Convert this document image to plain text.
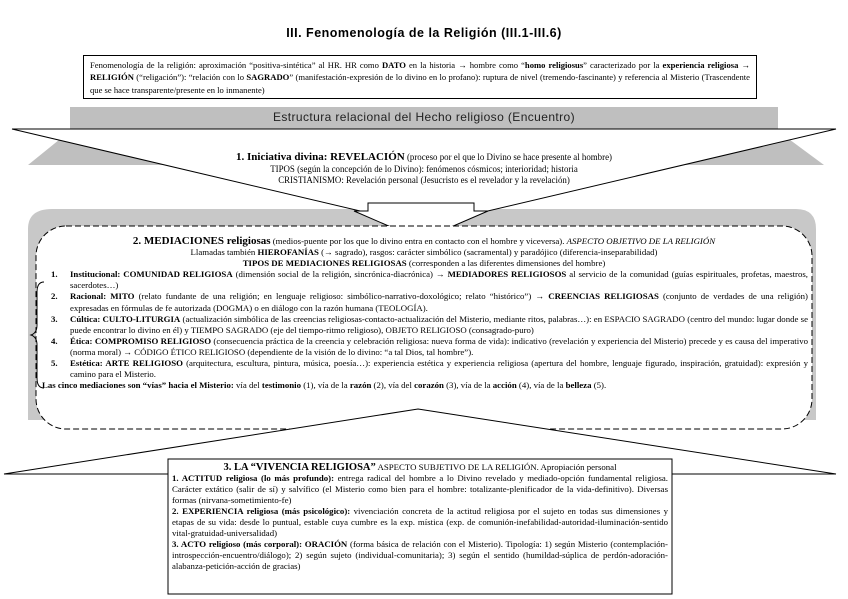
III. Fenomenología de la Religión (III.1-III.6)
Fenomenología de la religión: aproximación “positiva-sintética” al HR. HR como DATO en la historia → hombre como “homo religiosus” caracterizado por la experiencia religiosa → RELIGIÓN (“religación”): “relación con lo SAGRADO” (manifestación-expresión de lo divino en lo profano): ruptura de nivel (tremendo-fascinante) y referencia al Misterio (Trascendente que se hace transparente/presente en lo inmanente)
Estructura relacional del Hecho religioso (Encuentro)
1. Iniciativa divina: REVELACIÓN (proceso por el que lo Divino se hace presente al hombre)
TIPOS (según la concepción de lo Divino): fenómenos cósmicos; interioridad; historia
CRISTIANISMO: Revelación personal (Jesucristo es el revelador y la revelación)
2. MEDIACIONES religiosas (medios-puente por los que lo divino entra en contacto con el hombre y viceversa). ASPECTO OBJETIVO DE LA RELIGIÓN
Llamadas también HIEROFANÍAS (→ sagrado), rasgos: carácter simbólico (sacramental) y paradójico (diferencia-inseparabilidad)
TIPOS DE MEDIACIONES RELIGIOSAS (corresponden a las diferentes dimensiones del hombre)
1. Institucional: COMUNIDAD RELIGIOSA (dimensión social de la religión, sincrónica-diacrónica) → MEDIADORES RELIGIOSOS al servicio de la comunidad (guías espirituales, profetas, maestros, sacerdotes…)
2. Racional: MITO (relato fundante de una religión; en lenguaje religioso: simbólico-narrativo-doxológico; relato “histórico”) → CREENCIAS RELIGIOSAS (conjunto de verdades de una religión) expresadas en fórmulas de fe autorizada (DOGMA) o en diálogo con la razón humana (TEOLOGÍA).
3. Cúltica: CULTO-LITURGIA (actualización simbólica de las creencias religiosas-contacto-actualización del Misterio, mediante ritos, palabras…): en ESPACIO SAGRADO (centro del mundo: lugar donde se puede encontrar lo divino en él) y TIEMPO SAGRADO (eje del tiempo-ritmo religioso), OBJETO RELIGIOSO (consagrado-puro)
4. Ética: COMPROMISO RELIGIOSO (consecuencia práctica de la creencia y celebración religiosa: nueva forma de vida): indicativo (revelación y experiencia del Misterio) precede y es causa del imperativo (norma moral) → CÓDIGO ÉTICO RELIGIOSO (dependiente de la visión de lo divino: “a tal Dios, tal hombre”).
5. Estética: ARTE RELIGIOSO (arquitectura, escultura, pintura, música, poesía…): experiencia estética y experiencia religiosa (apertura del hombre, lenguaje figurado, inspiración, gratuidad): expresión y camino para el Misterio.
Las cinco mediaciones son “vías” hacia el Misterio: vía del testimonio (1), vía de la razón (2), vía del corazón (3), vía de la acción (4), vía de la belleza (5).
3. LA “VIVENCIA RELIGIOSA” ASPECTO SUBJETIVO DE LA RELIGIÓN. Apropiación personal
1. ACTITUD religiosa (lo más profundo): entrega radical del hombre a lo Divino revelado y mediado-opción fundamental religiosa. Carácter extático (salir de sí) y salvífico (el Misterio como bien para el hombre: totalizante-plenificador de la vida-definitivo). Diversas formas (nirvana-sometimiento-fe)
2. EXPERIENCIA religiosa (más psicológico): vivenciación concreta de la actitud religiosa por el sujeto en todas sus dimensiones y etapas de su vida: desde lo puntual, estable cuya cumbre es la exp. mística (exp. de comunión-inefabilidad-autoridad-iluminación-sentido vital-gratuidad-universalidad)
3. ACTO religioso (más corporal): ORACIÓN (forma básica de relación con el Misterio). Tipología: 1) según Misterio (contemplación-introspección-encuentro/diálogo); 2) según sujeto (individual-comunitaria); 3) según el sentido (humildad-súplica de perdón-adoración-alabanza-petición-acción de gracias)
